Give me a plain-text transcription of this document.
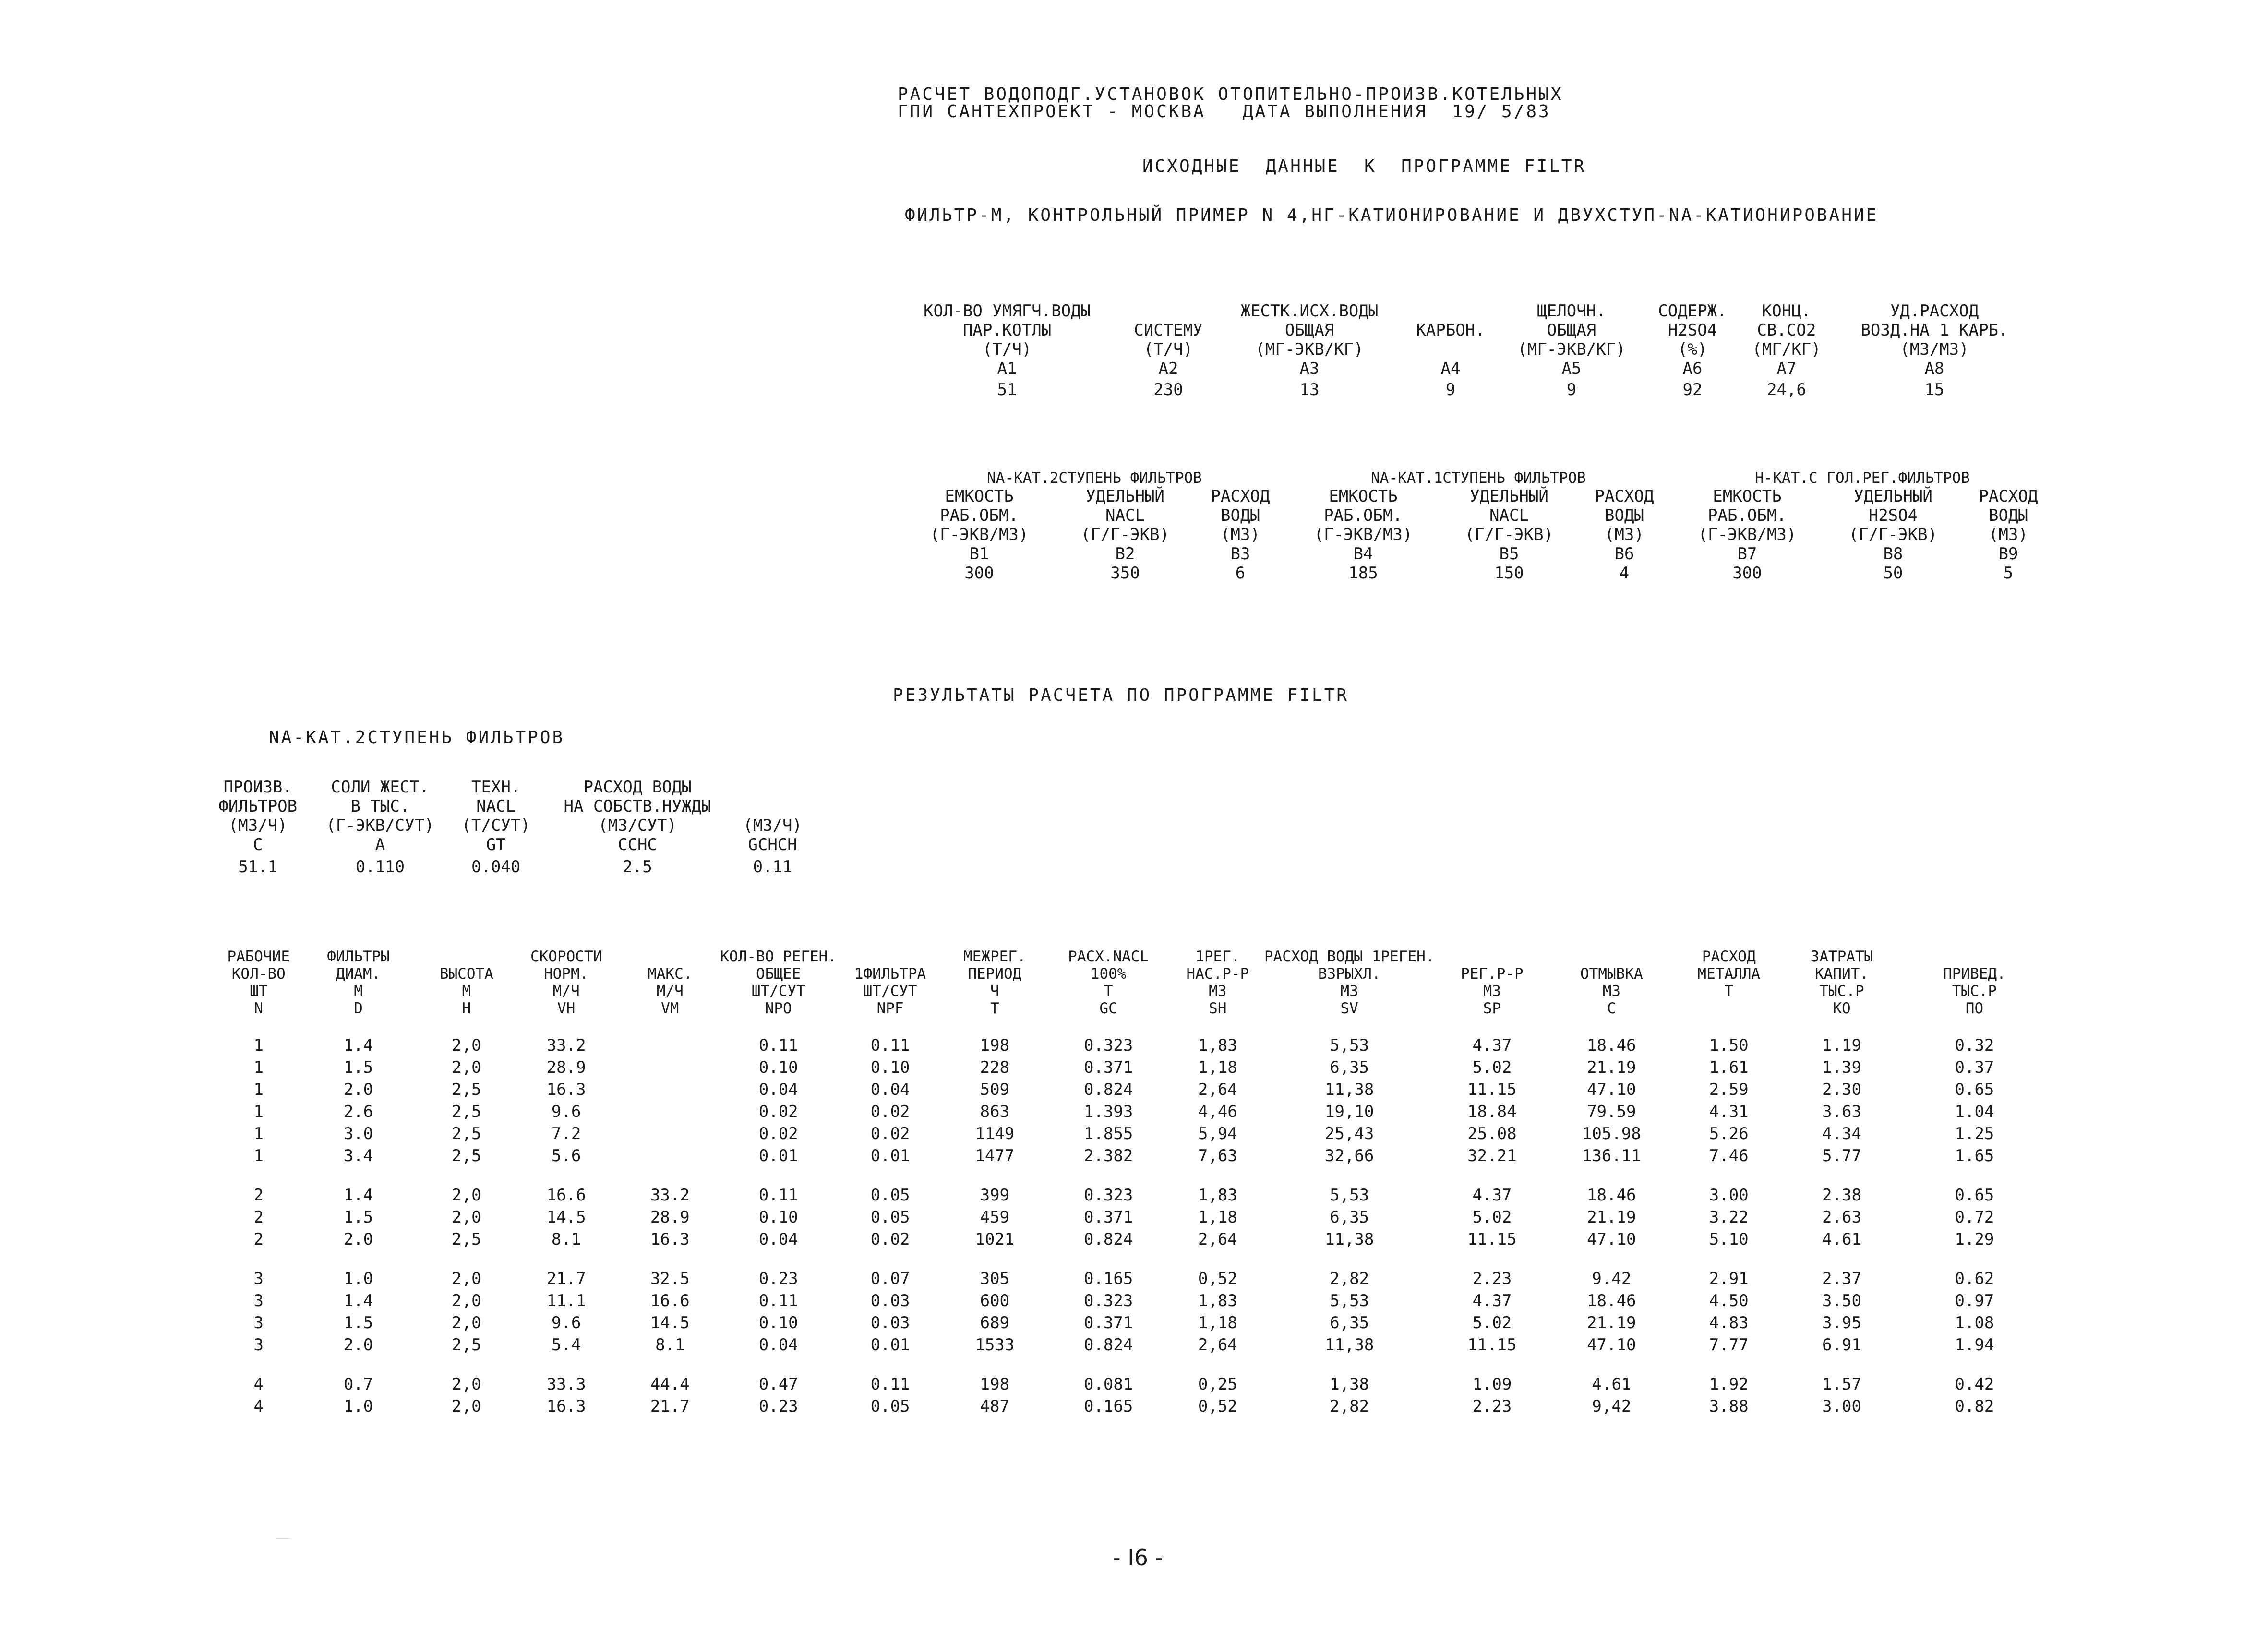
РАСЧЕТ ВОДОПОДГ.УСТАНОВОК ОТОПИТЕЛЬНО-ПРОИЗВ.КОТЕЛЬНЫХ
ГПИ САНТЕХПРОЕКТ - МОСКВА   ДАТА ВЫПОЛНЕНИЯ  19/ 5/83
ИСХОДНЫЕ  ДАННЫЕ  К  ПРОГРАММЕ FILTR
ФИЛЬТР-М, КОНТРОЛЬНЫЙ ПРИМЕР N 4,НГ-КАТИОНИРОВАНИЕ И ДВУХСТУП-NA-КАТИОНИРОВАНИЕ
КОЛ-ВО УМЯГЧ.ВОДЫ		ЖЕСТК.ИСХ.ВОДЫ		ЩЕЛОЧН.	СОДЕРЖ.	КОНЦ.	УД.РАСХОД
ПАР.КОТЛЫ	СИСТЕМУ	ОБЩАЯ	КАРБОН.	ОБЩАЯ	H2SO4	СВ.СО2	ВОЗД.НА 1 КАРБ.
(Т/Ч)	(Т/Ч)	(МГ-ЭКВ/КГ)		(МГ-ЭКВ/КГ)	(%)	(МГ/КГ)	(М3/М3)
А1	А2	А3	А4	А5	А6	А7	А8
51	230	13	9	9	92	24,6	15
NA-КАТ.2СТУПЕНЬ ФИЛЬТРОВ			NA-КАТ.1СТУПЕНЬ ФИЛЬТРОВ			Н-КАТ.С ГОЛ.РЕГ.ФИЛЬТРОВ		
ЕМКОСТЬ	УДЕЛЬНЫЙ	РАСХОД	ЕМКОСТЬ	УДЕЛЬНЫЙ	РАСХОД	ЕМКОСТЬ	УДЕЛЬНЫЙ	РАСХОД
РАБ.ОБМ.	NACL	ВОДЫ	РАБ.ОБМ.	NACL	ВОДЫ	РАБ.ОБМ.	H2SO4	ВОДЫ
(Г-ЭКВ/М3)	(Г/Г-ЭКВ)	(М3)	(Г-ЭКВ/М3)	(Г/Г-ЭКВ)	(М3)	(Г-ЭКВ/М3)	(Г/Г-ЭКВ)	(М3)
В1	В2	В3	В4	В5	В6	В7	В8	В9
300	350	6	185	150	4	300	50	5
РЕЗУЛЬТАТЫ РАСЧЕТА ПО ПРОГРАММЕ FILTR
NA-КАТ.2СТУПЕНЬ ФИЛЬТРОВ
ПРОИЗВ.	СОЛИ ЖЕСТ.	ТЕХН.	РАСХОД ВОДЫ	
ФИЛЬТРОВ	В ТЫС.	NACL	НА СОБСТВ.НУЖДЫ	
(М3/Ч)	(Г-ЭКВ/СУТ)	(Т/СУТ)	(М3/СУТ)	(М3/Ч)
С	А	GТ	ССНС	GСНСН
51.1	0.110	0.040	2.5	0.11
РАБОЧИЕ	ФИЛЬТРЫ		СКОРОСТИ		КОЛ-ВО РЕГЕН.		МЕЖРЕГ.	РАСХ.NACL	1РЕГ.	РАСХОД ВОДЫ 1РЕГЕН.			РАСХОД	ЗАТРАТЫ	
КОЛ-ВО	ДИАМ.	ВЫСОТА	НОРМ.	МАКС.	ОБЩЕЕ	1ФИЛЬТРА	ПЕРИОД	100%	НАС.Р-Р	ВЗРЫХЛ.	РЕГ.Р-Р	ОТМЫВКА	МЕТАЛЛА	КАПИТ.	ПРИВЕД.
ШТ	М	М	М/Ч	М/Ч	ШТ/СУТ	ШТ/СУТ	Ч	Т	М3	М3	М3	М3	Т	ТЫС.Р	ТЫС.Р
N	D	Н	VН	VМ	NРО	NРF	Т	GС	SН	SV	SР	С		КО	ПО

1	1.4	2,0	33.2		0.11	0.11	198	0.323	1,83	5,53	4.37	18.46	1.50	1.19	0.32
1	1.5	2,0	28.9		0.10	0.10	228	0.371	1,18	6,35	5.02	21.19	1.61	1.39	0.37
1	2.0	2,5	16.3		0.04	0.04	509	0.824	2,64	11,38	11.15	47.10	2.59	2.30	0.65
1	2.6	2,5	9.6		0.02	0.02	863	1.393	4,46	19,10	18.84	79.59	4.31	3.63	1.04
1	3.0	2,5	7.2		0.02	0.02	1149	1.855	5,94	25,43	25.08	105.98	5.26	4.34	1.25
1	3.4	2,5	5.6		0.01	0.01	1477	2.382	7,63	32,66	32.21	136.11	7.46	5.77	1.65

2	1.4	2,0	16.6	33.2	0.11	0.05	399	0.323	1,83	5,53	4.37	18.46	3.00	2.38	0.65
2	1.5	2,0	14.5	28.9	0.10	0.05	459	0.371	1,18	6,35	5.02	21.19	3.22	2.63	0.72
2	2.0	2,5	8.1	16.3	0.04	0.02	1021	0.824	2,64	11,38	11.15	47.10	5.10	4.61	1.29

3	1.0	2,0	21.7	32.5	0.23	0.07	305	0.165	0,52	2,82	2.23	9.42	2.91	2.37	0.62
3	1.4	2,0	11.1	16.6	0.11	0.03	600	0.323	1,83	5,53	4.37	18.46	4.50	3.50	0.97
3	1.5	2,0	9.6	14.5	0.10	0.03	689	0.371	1,18	6,35	5.02	21.19	4.83	3.95	1.08
3	2.0	2,5	5.4	8.1	0.04	0.01	1533	0.824	2,64	11,38	11.15	47.10	7.77	6.91	1.94

4	0.7	2,0	33.3	44.4	0.47	0.11	198	0.081	0,25	1,38	1.09	4.61	1.92	1.57	0.42
4	1.0	2,0	16.3	21.7	0.23	0.05	487	0.165	0,52	2,82	2.23	9,42	3.88	3.00	0.82
- I6 -
